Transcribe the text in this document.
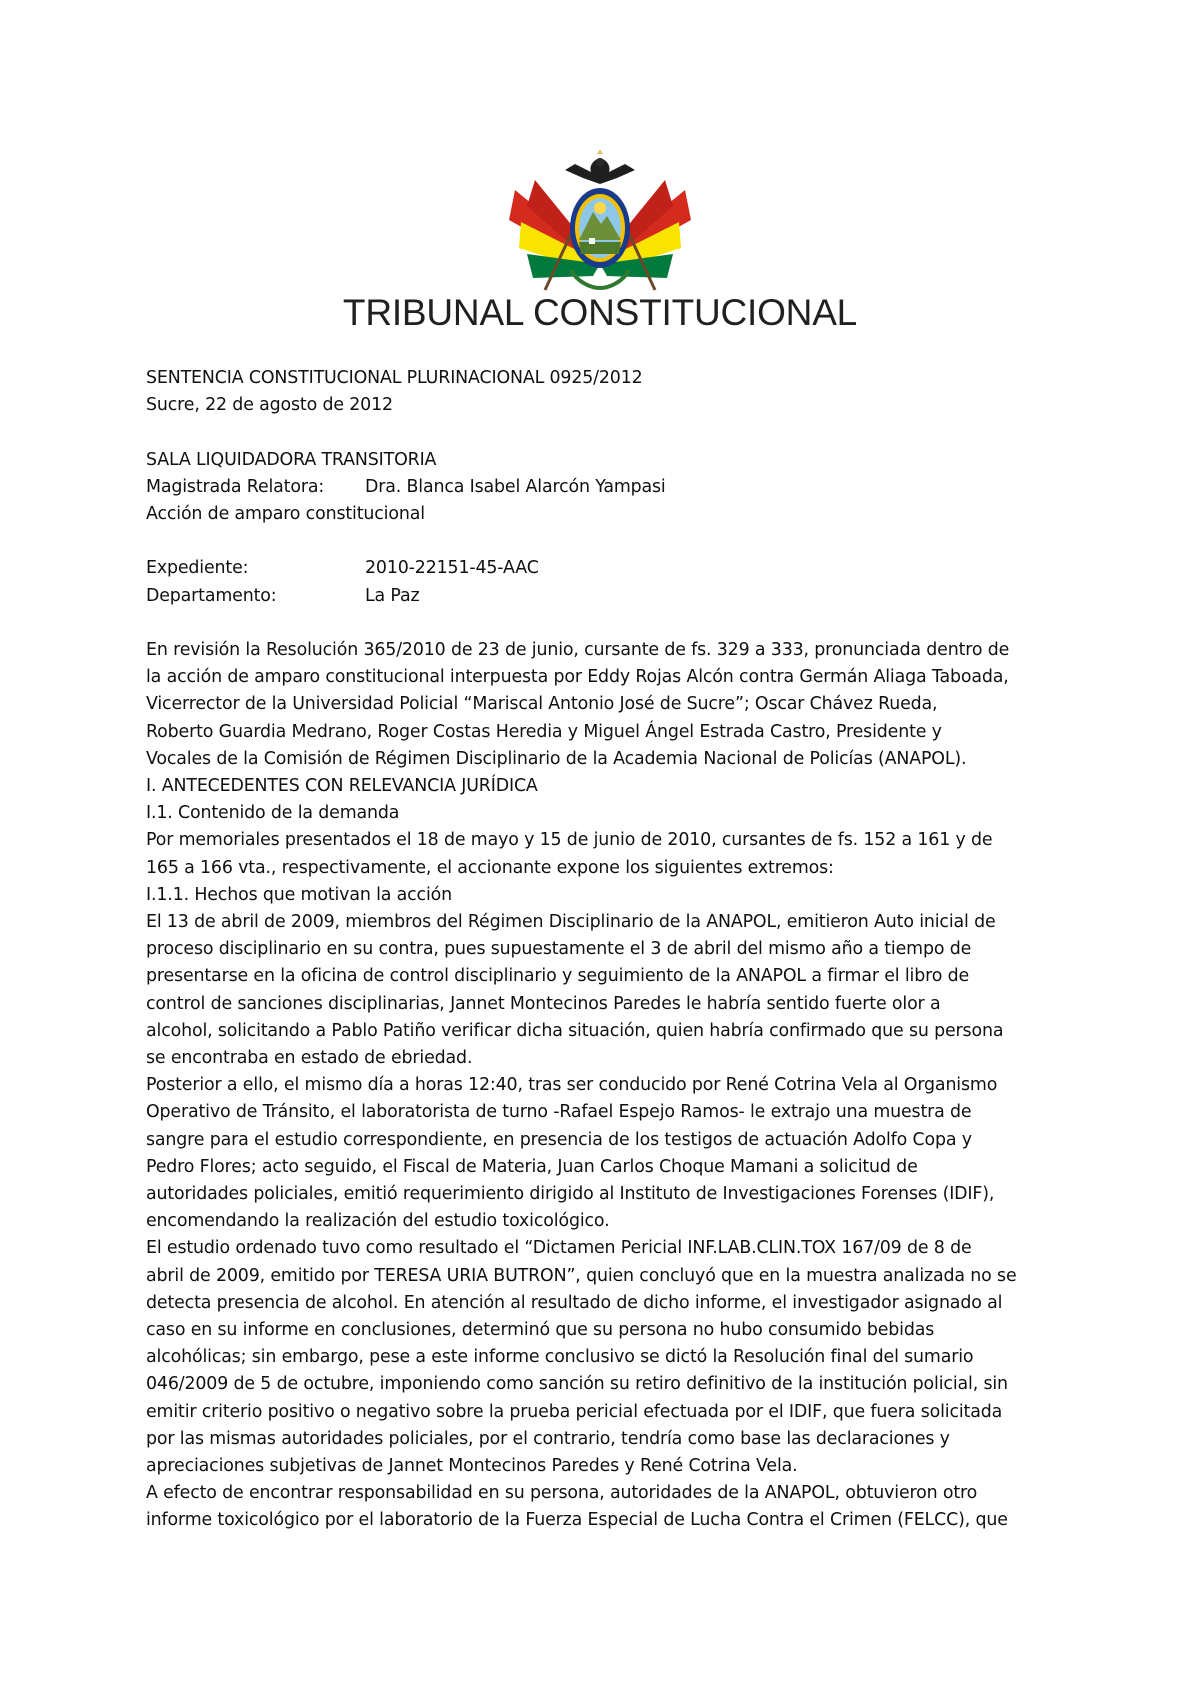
TRIBUNAL CONSTITUCIONAL
SENTENCIA CONSTITUCIONAL PLURINACIONAL 0925/2012
Sucre, 22 de agosto de 2012
SALA LIQUIDADORA TRANSITORIA
Magistrada Relatora:	Dra. Blanca Isabel Alarcón Yampasi
Acción de amparo constitucional
Expediente:	2010-22151-45-AAC
Departamento:	La Paz
En revisión la Resolución 365/2010 de 23 de junio, cursante de fs. 329 a 333, pronunciada dentro de
la acción de amparo constitucional interpuesta por Eddy Rojas Alcón contra Germán Aliaga Taboada,
Vicerrector de la Universidad Policial “Mariscal Antonio José de Sucre”; Oscar Chávez Rueda,
Roberto Guardia Medrano, Roger Costas Heredia y Miguel Ángel Estrada Castro, Presidente y
Vocales de la Comisión de Régimen Disciplinario de la Academia Nacional de Policías (ANAPOL).
I. ANTECEDENTES CON RELEVANCIA JURÍDICA
I.1. Contenido de la demanda
Por memoriales presentados el 18 de mayo y 15 de junio de 2010, cursantes de fs. 152 a 161 y de
165 a 166 vta., respectivamente, el accionante expone los siguientes extremos:
I.1.1. Hechos que motivan la acción
El 13 de abril de 2009, miembros del Régimen Disciplinario de la ANAPOL, emitieron Auto inicial de
proceso disciplinario en su contra, pues supuestamente el 3 de abril del mismo año a tiempo de
presentarse en la oficina de control disciplinario y seguimiento de la ANAPOL a firmar el libro de
control de sanciones disciplinarias, Jannet Montecinos Paredes le habría sentido fuerte olor a
alcohol, solicitando a Pablo Patiño verificar dicha situación, quien habría confirmado que su persona
se encontraba en estado de ebriedad.
Posterior a ello, el mismo día a horas 12:40, tras ser conducido por René Cotrina Vela al Organismo
Operativo de Tránsito, el laboratorista de turno -Rafael Espejo Ramos- le extrajo una muestra de
sangre para el estudio correspondiente, en presencia de los testigos de actuación Adolfo Copa y
Pedro Flores; acto seguido, el Fiscal de Materia, Juan Carlos Choque Mamani a solicitud de
autoridades policiales, emitió requerimiento dirigido al Instituto de Investigaciones Forenses (IDIF),
encomendando la realización del estudio toxicológico.
El estudio ordenado tuvo como resultado el “Dictamen Pericial INF.LAB.CLIN.TOX 167/09 de 8 de
abril de 2009, emitido por TERESA URIA BUTRON”, quien concluyó que en la muestra analizada no se
detecta presencia de alcohol. En atención al resultado de dicho informe, el investigador asignado al
caso en su informe en conclusiones, determinó que su persona no hubo consumido bebidas
alcohólicas; sin embargo, pese a este informe conclusivo se dictó la Resolución final del sumario
046/2009 de 5 de octubre, imponiendo como sanción su retiro definitivo de la institución policial, sin
emitir criterio positivo o negativo sobre la prueba pericial efectuada por el IDIF, que fuera solicitada
por las mismas autoridades policiales, por el contrario, tendría como base las declaraciones y
apreciaciones subjetivas de Jannet Montecinos Paredes y René Cotrina Vela.
A efecto de encontrar responsabilidad en su persona, autoridades de la ANAPOL, obtuvieron otro
informe toxicológico por el laboratorio de la Fuerza Especial de Lucha Contra el Crimen (FELCC), que
